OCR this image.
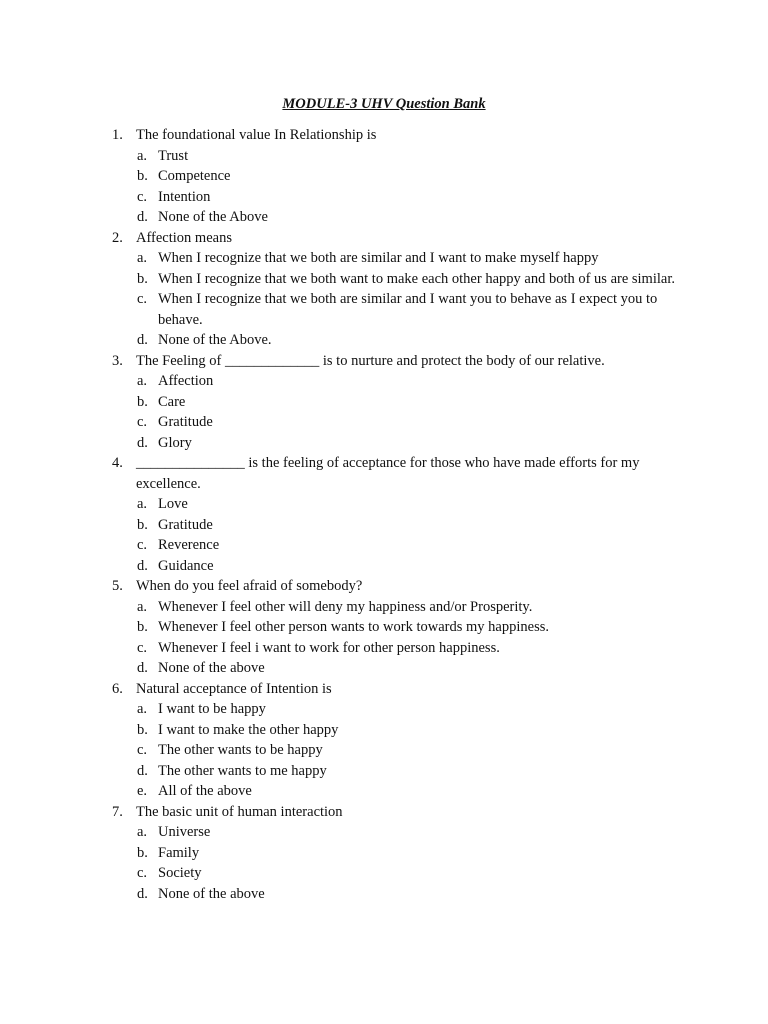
MODULE-3 UHV Question Bank
1. The foundational value In Relationship is
a. Trust
b. Competence
c. Intention
d. None of the Above
2. Affection means
a. When I recognize that we both are similar and I want to make myself happy
b. When I recognize that we both want to make each other happy and both of us are similar.
c. When I recognize that we both are similar and I want you to behave as I expect you to behave.
d. None of the Above.
3. The Feeling of _____________ is to nurture and protect the body of our relative.
a. Affection
b. Care
c. Gratitude
d. Glory
4. _______________ is the feeling of acceptance for those who have made efforts for my excellence.
a. Love
b. Gratitude
c. Reverence
d. Guidance
5. When do you feel afraid of somebody?
a. Whenever I feel other will deny my happiness and/or Prosperity.
b. Whenever I feel other person wants to work towards my happiness.
c. Whenever I feel i want to work for other person happiness.
d. None of the above
6. Natural acceptance of Intention is
a. I want to be happy
b. I want to make the other happy
c. The other wants to be happy
d. The other wants to me happy
e. All of the above
7. The basic unit of human interaction
a. Universe
b. Family
c. Society
d. None of the above
